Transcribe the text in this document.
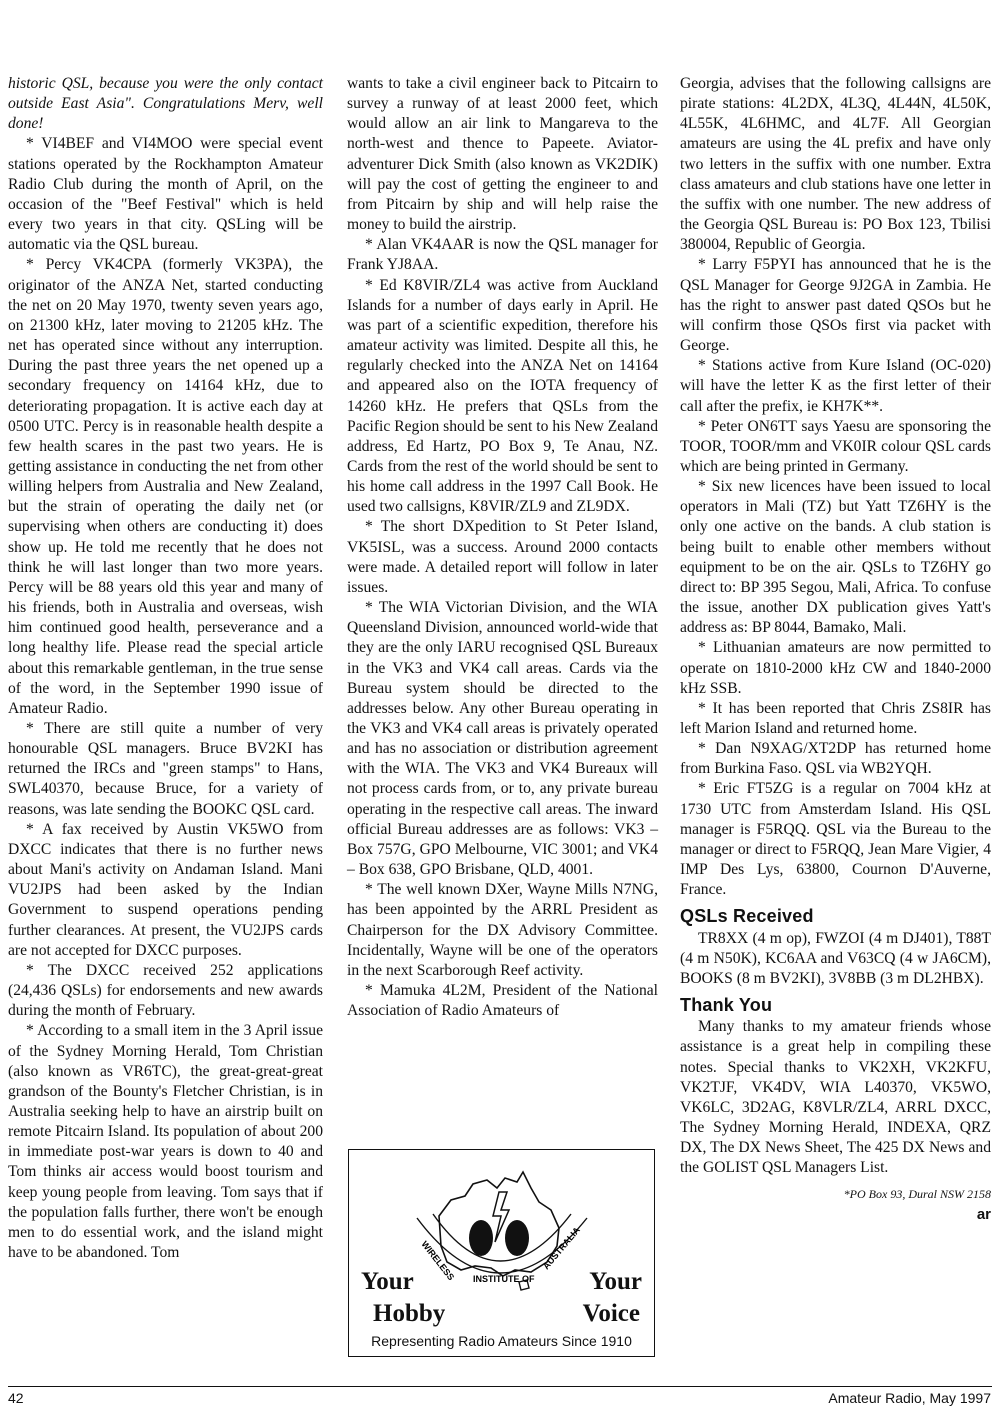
historic QSL, because you were the only contact outside East Asia". Congratulations Merv, well done!

* VI4BEF and VI4MOO were special event stations operated by the Rockhampton Amateur Radio Club during the month of April, on the occasion of the "Beef Festival" which is held every two years in that city. QSLing will be automatic via the QSL bureau.

* Percy VK4CPA (formerly VK3PA), the originator of the ANZA Net, started conducting the net on 20 May 1970, twenty seven years ago, on 21300 kHz, later moving to 21205 kHz. The net has operated since without any interruption. During the past three years the net opened up a secondary frequency on 14164 kHz, due to deteriorating propagation. It is active each day at 0500 UTC. Percy is in reasonable health despite a few health scares in the past two years. He is getting assistance in conducting the net from other willing helpers from Australia and New Zealand, but the strain of operating the daily net (or supervising when others are conducting it) does show up. He told me recently that he does not think he will last longer than two more years. Percy will be 88 years old this year and many of his friends, both in Australia and overseas, wish him continued good health, perseverance and a long healthy life. Please read the special article about this remarkable gentleman, in the true sense of the word, in the September 1990 issue of Amateur Radio.

* There are still quite a number of very honourable QSL managers. Bruce BV2KI has returned the IRCs and "green stamps" to Hans, SWL40370, because Bruce, for a variety of reasons, was late sending the BOOKC QSL card.

* A fax received by Austin VK5WO from DXCC indicates that there is no further news about Mani's activity on Andaman Island. Mani VU2JPS had been asked by the Indian Government to suspend operations pending further clearances. At present, the VU2JPS cards are not accepted for DXCC purposes.

* The DXCC received 252 applications (24,436 QSLs) for endorsements and new awards during the month of February.

* According to a small item in the 3 April issue of the Sydney Morning Herald, Tom Christian (also known as VR6TC), the great-great-great grandson of the Bounty's Fletcher Christian, is in Australia seeking help to have an airstrip built on remote Pitcairn Island. Its population of about 200 in immediate post-war years is down to 40 and Tom thinks air access would boost tourism and keep young people from leaving. Tom says that if the population falls further, there won't be enough men to do essential work, and the island might have to be abandoned. Tom

wants to take a civil engineer back to Pitcairn to survey a runway of at least 2000 feet, which would allow an air link to Mangareva to the north-west and thence to Papeete. Aviator-adventurer Dick Smith (also known as VK2DIK) will pay the cost of getting the engineer to and from Pitcairn by ship and will help raise the money to build the airstrip.

* Alan VK4AAR is now the QSL manager for Frank YJ8AA.

* Ed K8VIR/ZL4 was active from Auckland Islands for a number of days early in April. He was part of a scientific expedition, therefore his amateur activity was limited. Despite all this, he regularly checked into the ANZA Net on 14164 and appeared also on the IOTA frequency of 14260 kHz. He prefers that QSLs from the Pacific Region should be sent to his New Zealand address, Ed Hartz, PO Box 9, Te Anau, NZ. Cards from the rest of the world should be sent to his home call address in the 1997 Call Book. He used two callsigns, K8VIR/ZL9 and ZL9DX.

* The short DXpedition to St Peter Island, VK5ISL, was a success. Around 2000 contacts were made. A detailed report will follow in later issues.

* The WIA Victorian Division, and the WIA Queensland Division, announced world-wide that they are the only IARU recognised QSL Bureaux in the VK3 and VK4 call areas. Cards via the Bureau system should be directed to the addresses below. Any other Bureau operating in the VK3 and VK4 call areas is privately operated and has no association or distribution agreement with the WIA. The VK3 and VK4 Bureaux will not process cards from, or to, any private bureau operating in the respective call areas. The inward official Bureau addresses are as follows: VK3 – Box 757G, GPO Melbourne, VIC 3001; and VK4 – Box 638, GPO Brisbane, QLD, 4001.

* The well known DXer, Wayne Mills N7NG, has been appointed by the ARRL President as Chairperson for the DX Advisory Committee. Incidentally, Wayne will be one of the operators in the next Scarborough Reef activity.

* Mamuka 4L2M, President of the National Association of Radio Amateurs of

WIRELESS INSTITUTE OF
AUSTRALIA
Your
Hobby
Your
Voice
Representing Radio Amateurs Since 1910

Georgia, advises that the following callsigns are pirate stations: 4L2DX, 4L3Q, 4L44N, 4L50K, 4L55K, 4L6HMC, and 4L7F. All Georgian amateurs are using the 4L prefix and have only two letters in the suffix with one number. Extra class amateurs and club stations have one letter in the suffix with one number. The new address of the Georgia QSL Bureau is: PO Box 123, Tbilisi 380004, Republic of Georgia.

* Larry F5PYI has announced that he is the QSL Manager for George 9J2GA in Zambia. He has the right to answer past dated QSOs but he will confirm those QSOs first via packet with George.

* Stations active from Kure Island (OC-020) will have the letter K as the first letter of their call after the prefix, ie KH7K**.

* Peter ON6TT says Yaesu are sponsoring the TOOR, TOOR/mm and VK0IR colour QSL cards which are being printed in Germany.

* Six new licences have been issued to local operators in Mali (TZ) but Yatt TZ6HY is the only one active on the bands. A club station is being built to enable other members without equipment to be on the air. QSLs to TZ6HY go direct to: BP 395 Segou, Mali, Africa. To confuse the issue, another DX publication gives Yatt's address as: BP 8044, Bamako, Mali.

* Lithuanian amateurs are now permitted to operate on 1810-2000 kHz CW and 1840-2000 kHz SSB.

* It has been reported that Chris ZS8IR has left Marion Island and returned home.

* Dan N9XAG/XT2DP has returned home from Burkina Faso. QSL via WB2YQH.

* Eric FT5ZG is a regular on 7004 kHz at 1730 UTC from Amsterdam Island. His QSL manager is F5RQQ. QSL via the Bureau to the manager or direct to F5RQQ, Jean Mare Vigier, 4 IMP Des Lys, 63800, Cournon D'Auverne, France.

QSLs Received

TR8XX (4 m op), FWZOI (4 m DJ401), T88T (4 m N50K), KC6AA and V63CQ (4 w JA6CM), BOOKS (8 m BV2KI), 3V8BB (3 m DL2HBX).

Thank You

Many thanks to my amateur friends whose assistance is a great help in compiling these notes. Special thanks to VK2XH, VK2KFU, VK2TJF, VK4DV, WIA L40370, VK5WO, VK6LC, 3D2AG, K8VLR/ZL4, ARRL DXCC, The Sydney Morning Herald, INDEXA, QRZ DX, The DX News Sheet, The 425 DX News and the GOLIST QSL Managers List.

*PO Box 93, Dural NSW 2158
ar
42	Amateur Radio, May 1997
